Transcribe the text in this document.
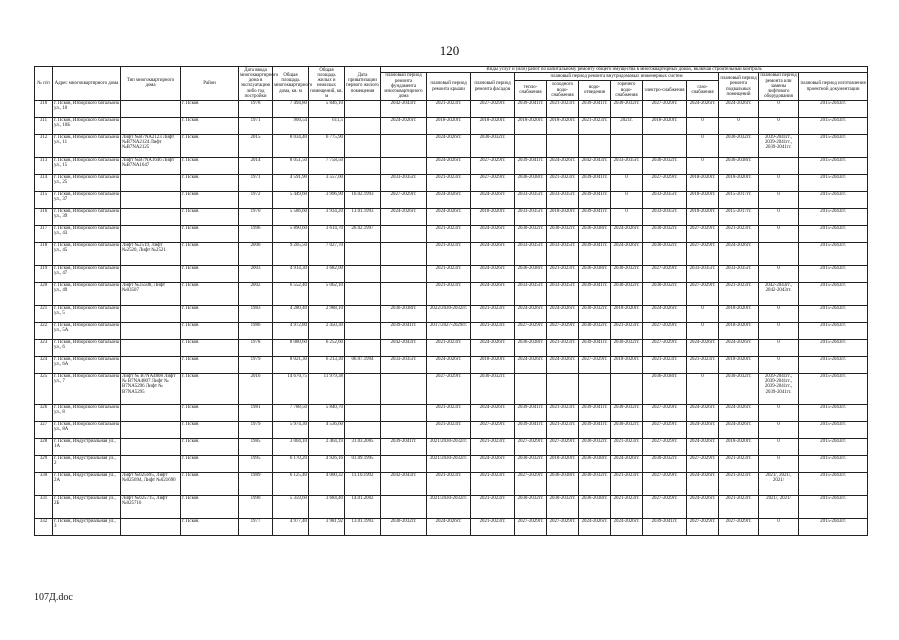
120
№ п/п	Адрес многоквартирного дома	Тип многоквартирного дома	Район	Дата ввода многоквартирного дома в эксплуатацию либо год постройки	Общая площадь многоквартирного дома, кв. м	Общая площадь жилых и нежилых помещений, кв. м	Дата приватизации первого жилого помещения	Виды услуг и (или) работ по капитальному ремонту общего имущества в многоквартирных домах, включая строительный контроль											
								плановый период ремонта фундамента многоквартирного дома	плановый период ремонта крыши	плановый период ремонта фасадов	плановый период ремонта внутридомовых инженерных систем						плановый период ремонта подвальных помещений	плановый период ремонта или замены лифтового оборудования	плановый период изготовления проектной документации
											тепло-снабжения	холодного водо-снабжения	водо-отведения	горячего водо-снабжения	электро-снабжения	газо-снабжения			
310	г. Псков, Изборского батальона ул., 10		г. Псков	1978	7 494,80	5 846,10		2042-2043гг.	2021-2023гг.	2027-2029гг.	2039-2041гг.	2021-2023гг.	2039-2041гг.	2030-2032гг.	2027-2029гг.	2024-2026гг.	2024-2026гг.	0	2015-2043гг.
311	г. Псков, Изборского батальона ул., 10Б		г. Псков	1971	900,54	611,5		2024-2026гг.	2018-2020гг.	2018-2020гг.	2018-2020гг.	2018-2020гг.	2021-2023гг.	2021г.	2018-2020гг.	0	0	0	2015-2043гг.
312	г. Псков, Изборского батальона ул., 11	Лифт №В7NA2123 Лифт №В7NA2124 Лифт №В7NA2125	г. Псков	2015	8 034,40	6 775,90			2024-2026гг.	2030-2032гг.						0	2030-2032гг.	2039-2041гг., 2039-2041гг., 2039-2041гг.	2015-2043гг.
313	г. Псков, Изборского батальона ул., 15	Лифт №В7NA1646 Лифт №В7NA1647	г. Псков	2014	8 051,50	7 758,50			2024-2026гг.	2027-2029гг.	2039-2041гг.	2024-2026гг.	2042-2043гг.	2033-2035гг.	2030-2032гг.	0	2036-2038гг.		2015-2043гг.
314	г. Псков, Изборского батальона ул., 25		г. Псков	1971	4 591,90	3 557,00		2033-2035гг.	2021-2023гг.	2027-2029гг.	2036-2038гг.	2021-2023гг.	2039-2041гг.	0	2027-2029гг.	2018-2020гг.	2018-2020гг.	0	2015-2043гг.
315	г. Псков, Изборского батальона ул., 37		г. Псков	1972	5 449,60	3 996,90	16.02.1993	2027-2029гг.	2024-2026гг.	2024-2026гг.	2033-2035гг.	2033-2035гг.	2039-2041гг.	0	2033-2035гг.	2018-2020гг.	2015-2017гг.	0	2015-2043гг.
316	г. Псков, Изборского батальона ул., 39		г. Псков	1970	5 586,60	3 934,20	13.01.1993	2024-2026гг.	2024-2026гг.	2018-2020гг.	2033-2035гг.	2018-2020гг.	2039-2041гг.	0	2033-2035гг.	2018-2020гг.	2015-2017гг.	0	2015-2043гг.
317	г. Псков, Изборского батальона ул., 43		г. Псков	1996	5 890,60	3 614,70	26.02.1997		2021-2023гг.	2024-2026гг.	2030-2032гг.	2030-2032гг.	2036-2038гг.	2024-2026гг.	2030-2032гг.	2027-2029гг.	2021-2023гг.	0	2015-2043гг.
318	г. Псков, Изборского батальона ул., 45	Лифт №2519, Лифт №2520, Лифт №2521	г. Псков	2000	9 205,50	7 027,70			2021-2023гг.	2024-2026гг.	2033-2035гг.	2033-2035гг.	2039-2041гг.	2024-2026гг.	2030-2032гг.	2027-2029гг.	2024-2026гг.		2015-2043гг.
319	г. Псков, Изборского батальона ул., 47		г. Псков	2003	4 914,30	3 682,00			2021-2023гг.	2024-2026гг.	2036-2038гг.	2021-2023гг.	2036-2038гг.	2030-2032гг.	2027-2029гг.	2033-2035гг.	2033-2035гг.	0	2015-2043гг.
320	г. Псков, Изборского батальона ул., 49	Лифт №35508, Лифт №03507	г. Псков	2002	6 552,40	5 062,10			2021-2023гг.	2024-2026гг.	2033-2035гг.	2033-2035гг.	2039-2041гг.	2030-2032гг.	2030-2032гг.	2027-2029гг.	2021-2023гг.	2042-2043гг., 2042-2043гг.	2015-2043гг.
321	г. Псков, Изборского батальона ул., 5		г. Псков	1983	4 280,40	2 988,10		2036-2038гг.	2022/2030-2032гг.	2021-2023гг.	2024-2026гг.	2024-2026гг.	2030-2032гг.	2018-2020гг.	2024-2026гг.	0	2018-2020гг.	0	2015-2043гг.
322	г. Псков, Изборского батальона ул., 5А		г. Псков	1986	4 972,80	2 450,30		2039-2041гг.	2017/2027-2029гг.	2021-2023гг.	2027-2029гг.	2027-2029гг.	2030-2032гг.	2021-2023гг.	2027-2029гг.	0	2018-2020гг.	0	2015-2043гг.
323	г. Псков, Изборского батальона ул., 6		г. Псков	1978	8 080,60	6 252,60		2042-2043гг.	2021-2023гг.	2024-2026гг.	2036-2038гг.	2021-2023гг.	2039-2041гг.	2030-2032гг.	2027-2029гг.	2024-2026гг.	2024-2026гг.	0	2015-2043гг.
324	г. Псков, Изборского батальона ул., 6А		г. Псков	1979	8 021,30	6 213,30	06.07.1994	2033-2035гг.	2024-2026гг.	2018-2020гг.	2024-2026гг.	2024-2026гг.	2027-2029гг.	2018-2020гг.	2021-2023гг.	2021-2023гг.	2018-2020гг.	0	2015-2043гг.
325	г. Псков, Изборского батальона ул., 7	Лифт № В7NA4808 Лифт № В7NA4807 Лифт № В7NA5296 Лифт № В7NA5295	г. Псков	2016	14 670,75	11 979,38			2027-2029гг.	2030-2032гг.					2036-2038гг.	0	2030-2032гг.	2039-2041гг., 2039-2041гг., 2039-2041гг., 2039-2041гг.	2015-2043гг.
326	г. Псков, Изборского батальона ул., 8		г. Псков	1981	7 788,50	5 840,70			2021-2023гг.	2024-2026гг.	2039-2041гг.	2021-2023гг.	2039-2041гг.	2030-2032гг.	2027-2029гг.	2024-2026гг.	2024-2026гг.	0	2015-2043гг.
327	г. Псков, Изборского батальона ул., 8А		г. Псков	1979	5 974,30	4 536,60			2021-2023гг.	2027-2029гг.	2039-2041гг.	2021-2023гг.	2039-2041гг.	2030-2032гг.	2027-2029гг.	2024-2026гг.	2024-2026гг.	0	2015-2043гг.
328	г. Псков, Индустриальная ул., 1А		г. Псков	1985	3 004,10	2 464,19	31.03.2005	2039-2041гг.	2021/2030-2032гг.	2021-2023гг.	2027-2029гг.	2027-2029гг.	2030-2032гг.	2021-2023гг.	2027-2029гг.	2024-2026гг.	2018-2020гг.	0	2015-2043гг.
329	г. Псков, Индустриальная ул., 2		г. Псков	1995	6 170,20	4 926,16	01.09.1995		2021/2030-2032гг.	2024-2026гг.	2030-2032гг.	2018-2020гг.	2036-2038гг.	2024-2026гг.	2030-2032гг.	2027-2029гг.	2021-2023гг.	0	2015-2043гг.
330	г. Псков, Индустриальная ул., 2А	Лифт №025695, Лифт №025694, Лифт №021690	г. Псков	1989	6 125,40	4 000,32	11.10.1992	2042-2043гг.	2021-2023гг.	2021-2023гг.	2027-2029гг.	2036-2038гг.	2030-2032гг.	2021-2023гг.	2027-2029гг.	2024-2026гг.	2021-2023гг.	2021/, 2021/, 2021/	2015-2043гг.
331	г. Псков, Индустриальная ул., 2Б	Лифт №025715, Лифт №025716	г. Псков	1990	5 359,60	3 684,40	14.01.2002		2021/2030-2032гг.	2021-2023гг.	2030-2032гг.	2030-2032гг.	2036-2038гг.	2021-2023гг.	2027-2029гг.	2024-2026гг.	2021-2023гг.	2021/, 2021/	2015-2043гг.
332	г. Псков, Индустриальная ул., 3		г. Псков	1977	4 977,40	3 981,92	13.01.1993	2030-2032гг.	2024-2026гг.	2021-2023гг.	2027-2029гг.	2027-2029гг.	2024-2026гг.	2024-2026гг.	2039-2041гг.	2027-2029гг.	2027-2029гг.	0	2015-2043гг.
107Д.doc
